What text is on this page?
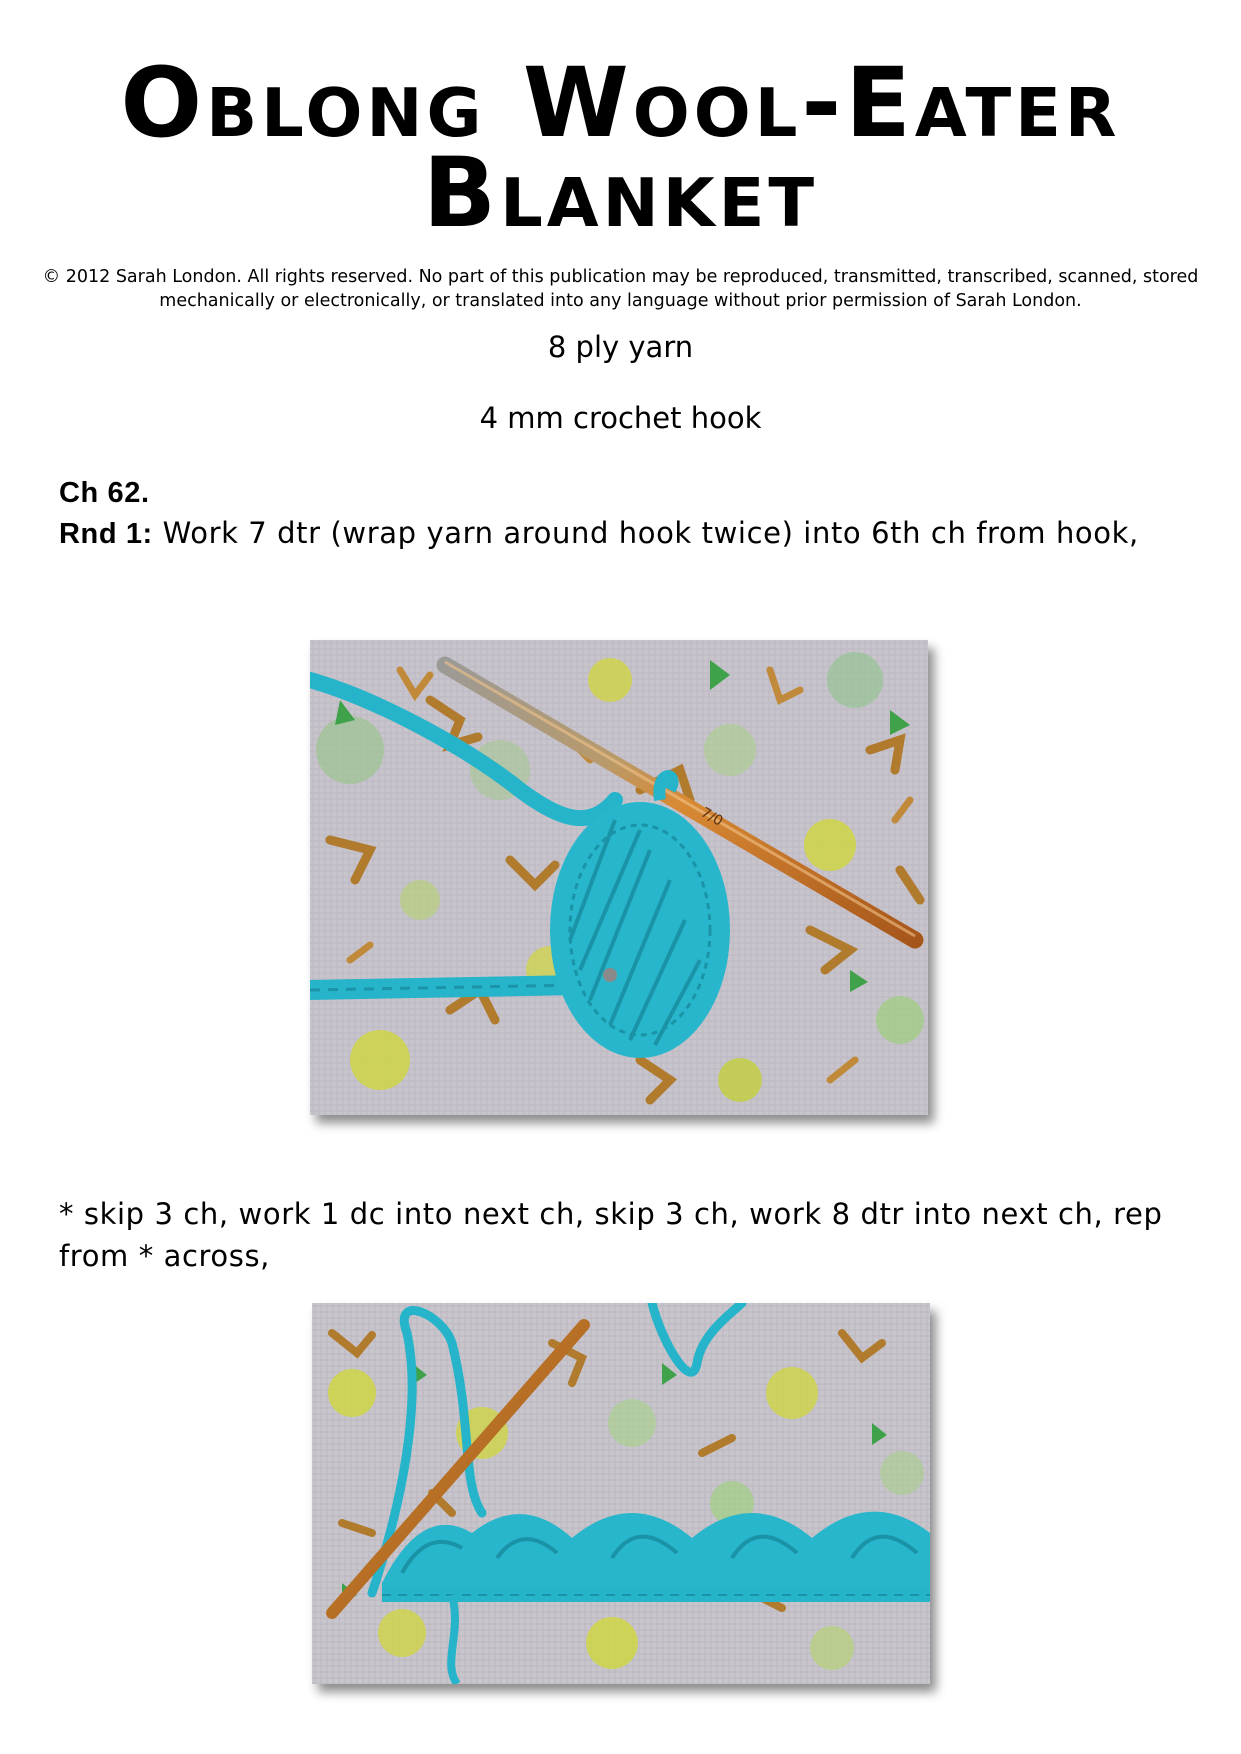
Oblong Wool-Eater
Blanket

© 2012 Sarah London. All rights reserved. No part of this publication may be reproduced, transmitted, transcribed, scanned, stored mechanically or electronically, or translated into any language without prior permission of Sarah London.

8 ply yarn

4 mm crochet hook

Ch 62.

Rnd 1: Work 7 dtr (wrap yarn around hook twice) into 6th ch from hook,

7/0

* skip 3 ch, work 1 dc into next ch, skip 3 ch, work 8 dtr into next ch, rep from * across,
